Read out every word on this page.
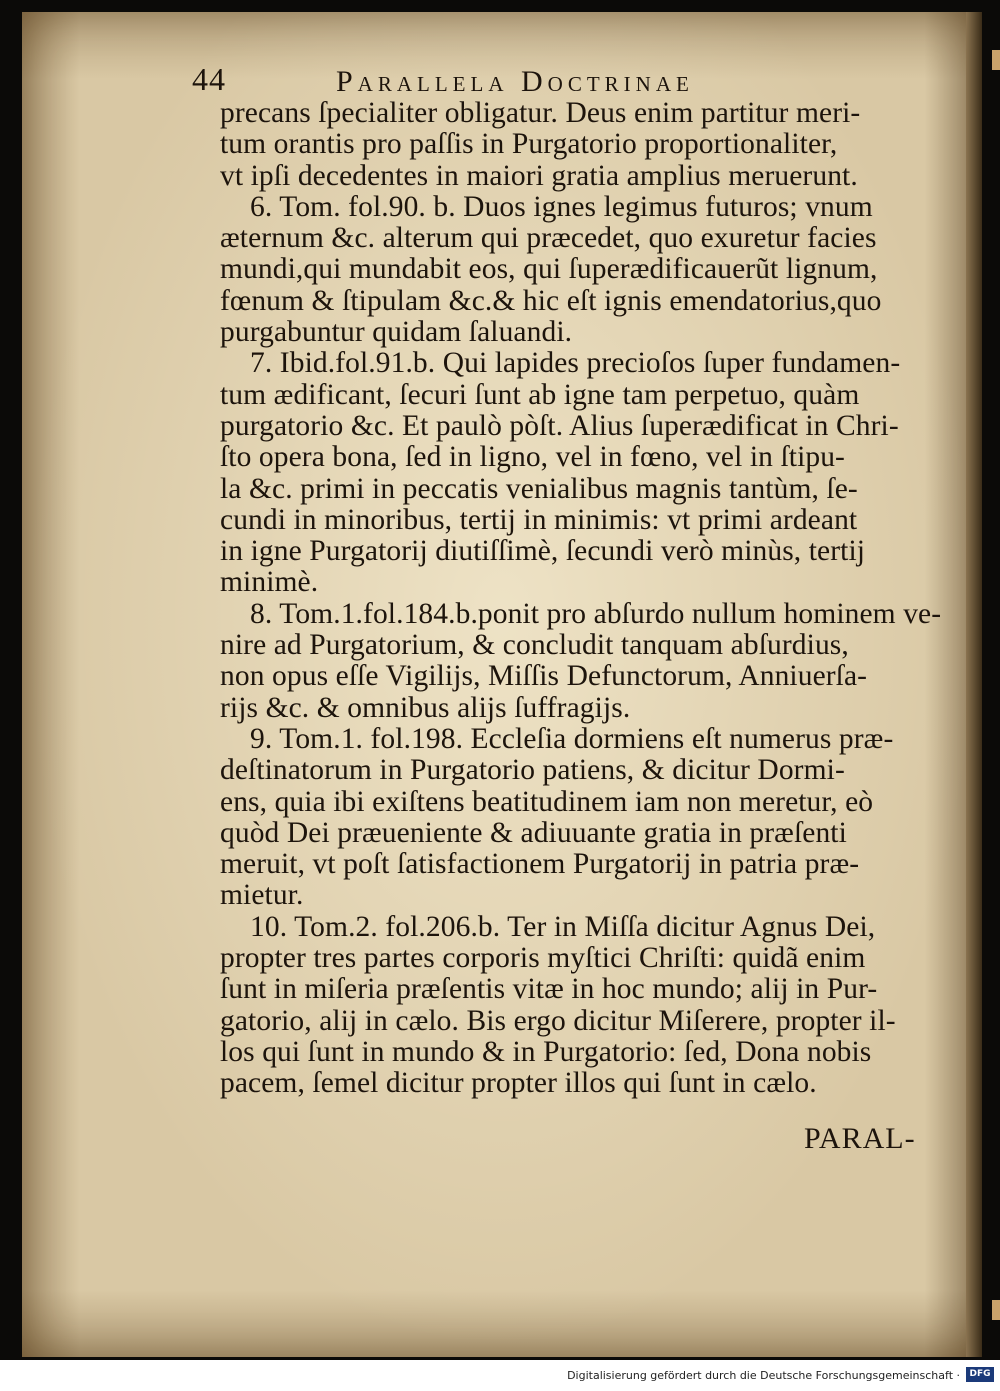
44	Parallela Doctrinae
precans ſpecialiter obligatur. Deus enim partitur meri-
tum orantis pro paſſis in Purgatorio proportionaliter,
vt ipſi decedentes in maiori gratia amplius meruerunt.
6. Tom. fol.90. b. Duos ignes legimus futuros; vnum
æternum &c. alterum qui præcedet, quo exuretur facies
mundi,qui mundabit eos, qui ſuperædificauerũt lignum,
fœnum & ſtipulam &c.& hic eſt ignis emendatorius,quo
purgabuntur quidam ſaluandi.
7. Ibid.fol.91.b. Qui lapides precioſos ſuper fundamen-
tum ædificant, ſecuri ſunt ab igne tam perpetuo, quàm
purgatorio &c. Et paulò pòſt. Alius ſuperædificat in Chri-
ſto opera bona, ſed in ligno, vel in fœno, vel in ſtipu-
la &c. primi in peccatis venialibus magnis tantùm, ſe-
cundi in minoribus, tertij in minimis: vt primi ardeant
in igne Purgatorij diutiſſimè, ſecundi verò minùs, tertij
minimè.
8. Tom.1.fol.184.b.ponit pro abſurdo nullum hominem ve-
nire ad Purgatorium, & concludit tanquam abſurdius,
non opus eſſe Vigilijs, Miſſis Defunctorum, Anniuerſa-
rijs &c. & omnibus alijs ſuffragijs.
9. Tom.1. fol.198. Eccleſia dormiens eſt numerus præ-
deſtinatorum in Purgatorio patiens, & dicitur Dormi-
ens, quia ibi exiſtens beatitudinem iam non meretur, eò
quòd Dei præueniente & adiuuante gratia in præſenti
meruit, vt poſt ſatisfactionem Purgatorij in patria præ-
mietur.
10. Tom.2. fol.206.b. Ter in Miſſa dicitur Agnus Dei,
propter tres partes corporis myſtici Chriſti: quidã enim
ſunt in miſeria præſentis vitæ in hoc mundo; alij in Pur-
gatorio, alij in cælo. Bis ergo dicitur Miſerere, propter il-
los qui ſunt in mundo & in Purgatorio: ſed, Dona nobis
pacem, ſemel dicitur propter illos qui ſunt in cælo.
PARAL-
Digitalisierung gefördert durch die Deutsche Forschungsgemeinschaft ·	DFG
